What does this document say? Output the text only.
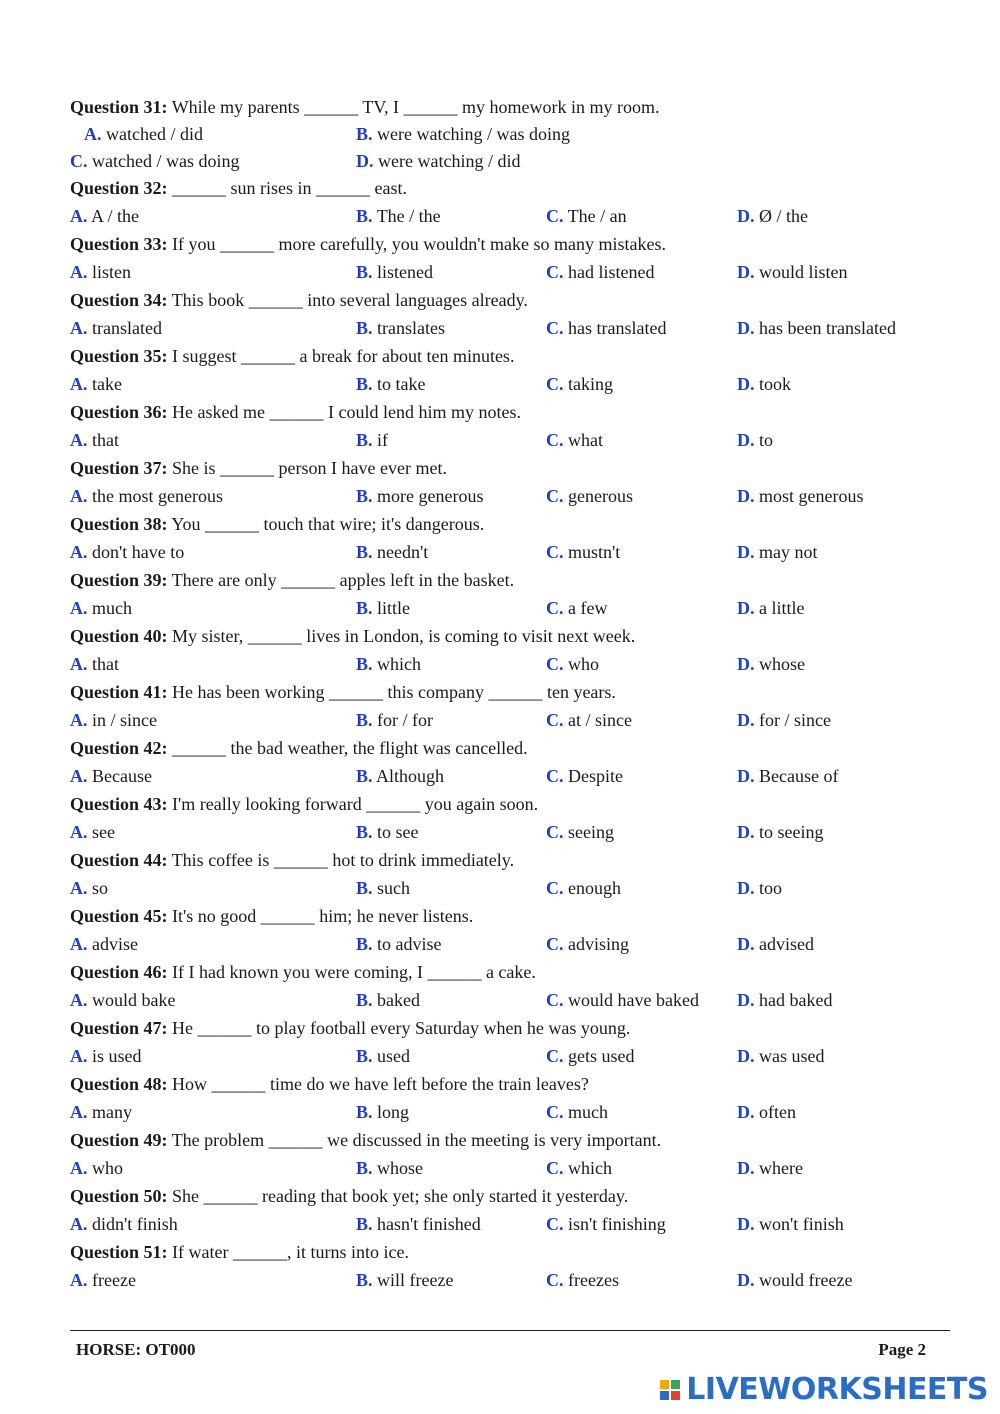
Question 31: While my parents ______ TV, I ______ my homework in my room.
A. watched / did	B. were watching / was doing
C. watched / was doing	D. were watching / did
Question 32: ______ sun rises in ______ east.
A. A / the	B. The / the	C. The / an	D. Ø / the
Question 33: If you ______ more carefully, you wouldn't make so many mistakes.
A. listen	B. listened	C. had listened	D. would listen
Question 34: This book ______ into several languages already.
A. translated	B. translates	C. has translated	D. has been translated
Question 35: I suggest ______ a break for about ten minutes.
A. take	B. to take	C. taking	D. took
Question 36: He asked me ______ I could lend him my notes.
A. that	B. if	C. what	D. to
Question 37: She is ______ person I have ever met.
A. the most generous	B. more generous	C. generous	D. most generous
Question 38: You ______ touch that wire; it's dangerous.
A. don't have to	B. needn't	C. mustn't	D. may not
Question 39: There are only ______ apples left in the basket.
A. much	B. little	C. a few	D. a little
Question 40: My sister, ______ lives in London, is coming to visit next week.
A. that	B. which	C. who	D. whose
Question 41: He has been working ______ this company ______ ten years.
A. in / since	B. for / for	C. at / since	D. for / since
Question 42: ______ the bad weather, the flight was cancelled.
A. Because	B. Although	C. Despite	D. Because of
Question 43: I'm really looking forward ______ you again soon.
A. see	B. to see	C. seeing	D. to seeing
Question 44: This coffee is ______ hot to drink immediately.
A. so	B. such	C. enough	D. too
Question 45: It's no good ______ him; he never listens.
A. advise	B. to advise	C. advising	D. advised
Question 46: If I had known you were coming, I ______ a cake.
A. would bake	B. baked	C. would have baked D. had baked
Question 47: He ______ to play football every Saturday when he was young.
A. is used	B. used	C. gets used	D. was used
Question 48: How ______ time do we have left before the train leaves?
A. many	B. long	C. much	D. often
Question 49: The problem ______ we discussed in the meeting is very important.
A. who	B. whose	C. which	D. where
Question 50: She ______ reading that book yet; she only started it yesterday.
A. didn't finish	B. hasn't finished	C. isn't finishing	D. won't finish
Question 51: If water ______, it turns into ice.
A. freeze	B. will freeze	C. freezes	D. would freeze
HORSE: OT000	Page 2
LIVEWORKSHEETS
